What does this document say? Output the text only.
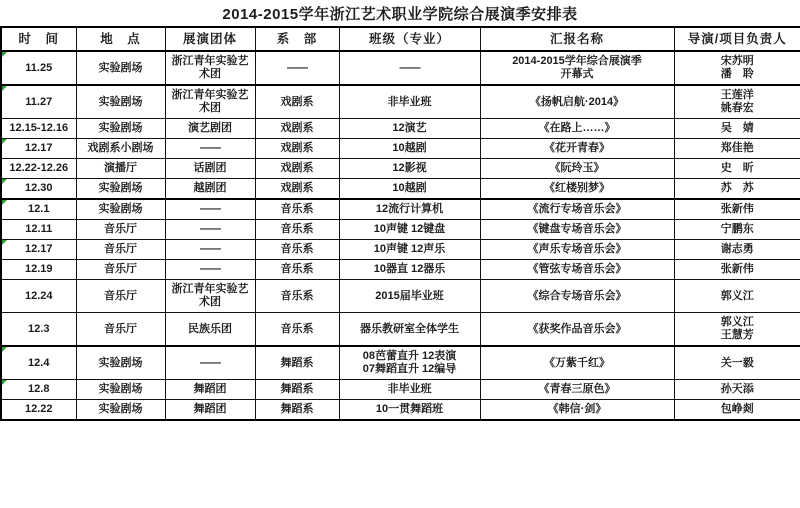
2014-2015学年浙江艺术职业学院综合展演季安排表
时　间	地　点	展演团体	系　部	班级（专业）	汇报名称	导演/项目负责人

11.25	实验剧场	浙江青年实验艺术团	——	——	2014-2015学年综合展演季
开幕式	宋苏明
潘　聆

11.27	实验剧场	浙江青年实验艺术团	戏剧系	非毕业班	《扬帆启航·2014》	王莲洋
姚春宏
12.15-12.16	实验剧场	演艺剧团	戏剧系	12演艺	《在路上……》	吴　婧

12.17	戏剧系小剧场	——	戏剧系	10越剧	《花开青春》	郑佳艳
12.22-12.26	演播厅	话剧团	戏剧系	12影视	《阮玲玉》	史　昕

12.30	实验剧场	越剧团	戏剧系	10越剧	《红楼别梦》	苏　苏

12.1	实验剧场	——	音乐系	12流行计算机	《流行专场音乐会》	张新伟
12.11	音乐厅	——	音乐系	10声键 12键盘	《键盘专场音乐会》	宁鹏东

12.17	音乐厅	——	音乐系	10声键 12声乐	《声乐专场音乐会》	谢志勇
12.19	音乐厅	——	音乐系	10器直 12器乐	《管弦专场音乐会》	张新伟
12.24	音乐厅	浙江青年实验艺术团	音乐系	2015届毕业班	《综合专场音乐会》	郭义江
12.3	音乐厅	民族乐团	音乐系	器乐教研室全体学生	《获奖作品音乐会》	郭义江
王慧芳

12.4	实验剧场	——	舞蹈系	08芭蕾直升 12表演
07舞蹈直升 12编导	《万紫千红》	关一毅

12.8	实验剧场	舞蹈团	舞蹈系	非毕业班	《青春三原色》	孙天添
12.22	实验剧场	舞蹈团	舞蹈系	10一贯舞蹈班	《韩信·剑》	包峥剡
